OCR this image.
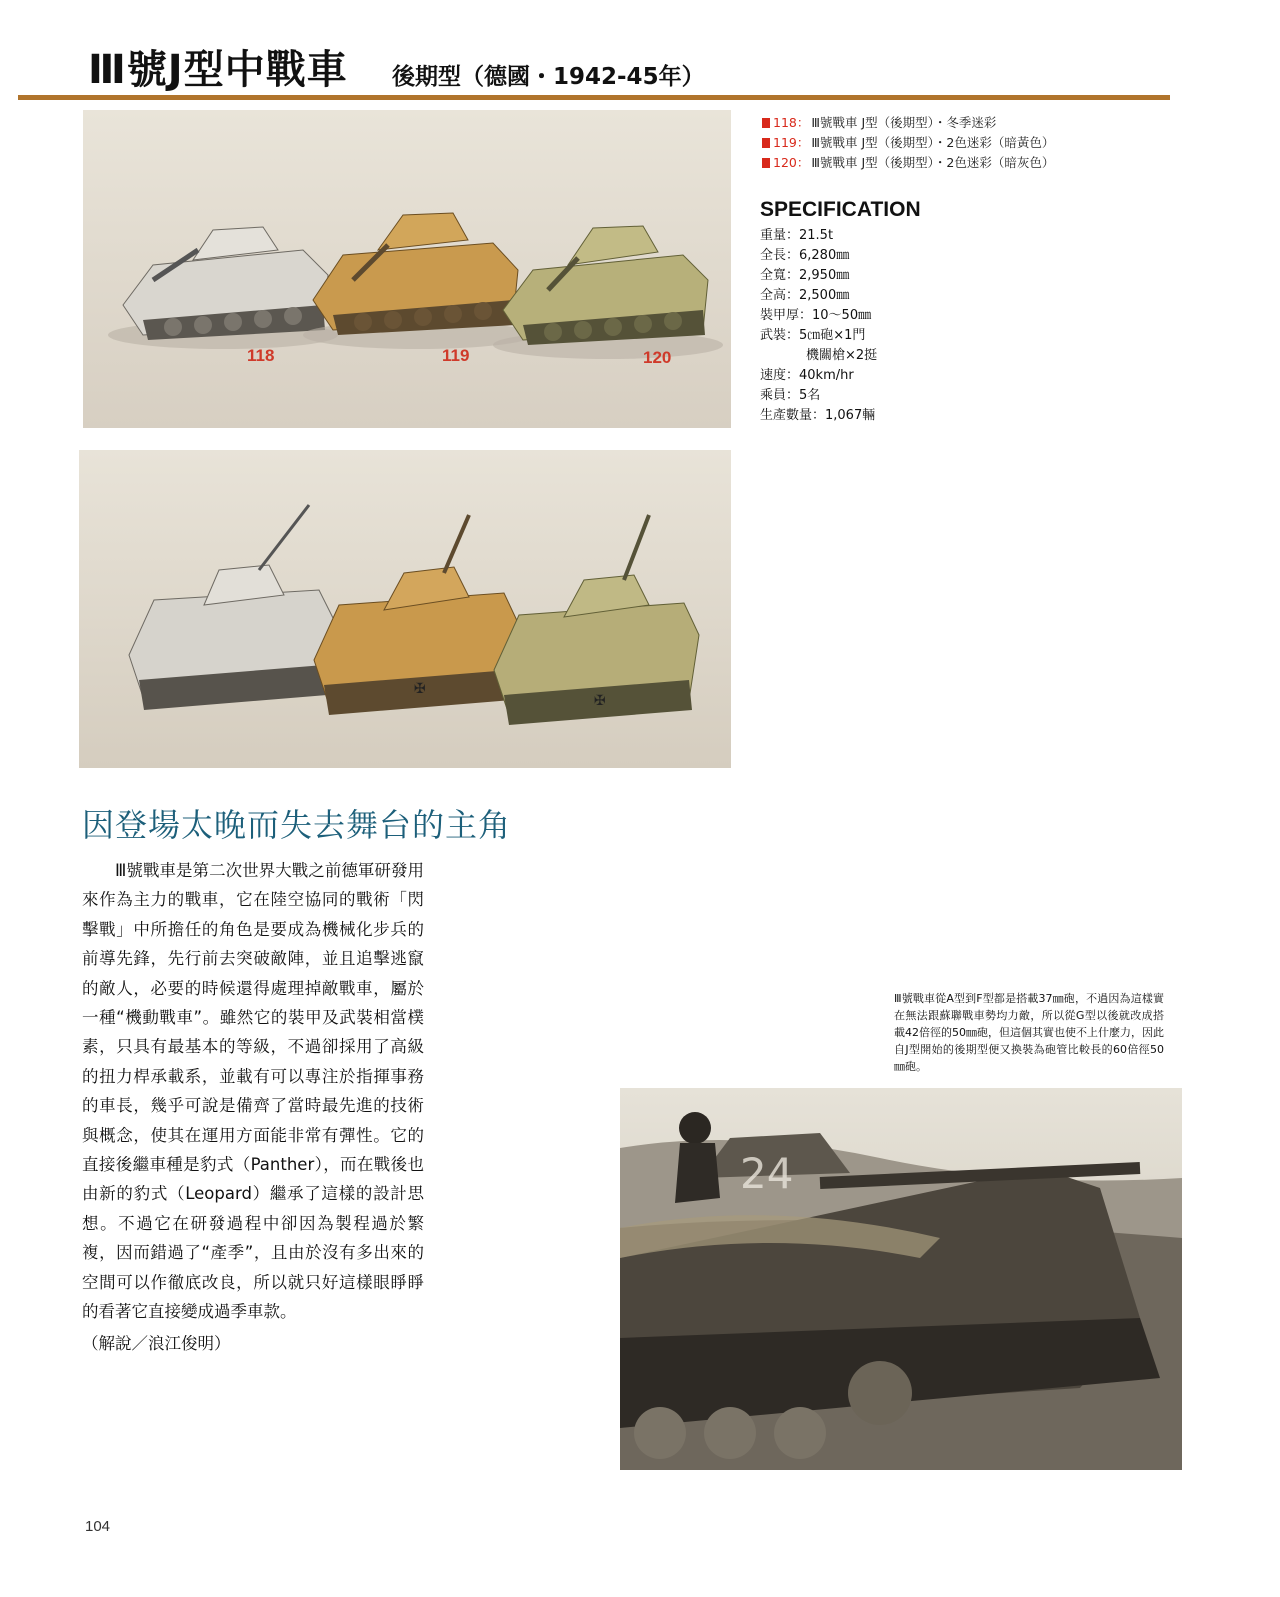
Ⅲ號J型中戰車 後期型（德國・1942-45年）
118	119	120
✠
✠
118： Ⅲ號戰車 J型（後期型）・冬季迷彩
119： Ⅲ號戰車 J型（後期型）・2色迷彩（暗黃色）
120： Ⅲ號戰車 J型（後期型）・2色迷彩（暗灰色）
SPECIFICATION
重量：21.5t
全長：6,280㎜
全寬：2,950㎜
全高：2,500㎜
裝甲厚：10〜50㎜
武裝：5㎝砲×1門
機關槍×2挺
速度：40km/hr
乘員：5名
生產數量：1,067輛
因登場太晚而失去舞台的主角
Ⅲ號戰車是第二次世界大戰之前德軍研發用來作為主力的戰車，它在陸空協同的戰術「閃擊戰」中所擔任的角色是要成為機械化步兵的前導先鋒，先行前去突破敵陣，並且追擊逃竄的敵人，必要的時候還得處理掉敵戰車，屬於一種“機動戰車”。雖然它的裝甲及武裝相當樸素，只具有最基本的等級，不過卻採用了高級的扭力桿承載系，並載有可以專注於指揮事務的車長，幾乎可說是備齊了當時最先進的技術與概念，使其在運用方面能非常有彈性。它的直接後繼車種是豹式（Panther），而在戰後也由新的豹式（Leopard）繼承了這樣的設計思想。不過它在研發過程中卻因為製程過於繁複，因而錯過了“產季”，且由於沒有多出來的空間可以作徹底改良，所以就只好這樣眼睜睜的看著它直接變成過季車款。
（解說／浪江俊明）
Ⅲ號戰車從A型到F型都是搭載37㎜砲，不過因為這樣實在無法跟蘇聯戰車勢均力敵，所以從G型以後就改成搭載42倍徑的50㎜砲，但這個其實也使不上什麼力，因此自J型開始的後期型便又換裝為砲管比較長的60倍徑50㎜砲。
24
104
